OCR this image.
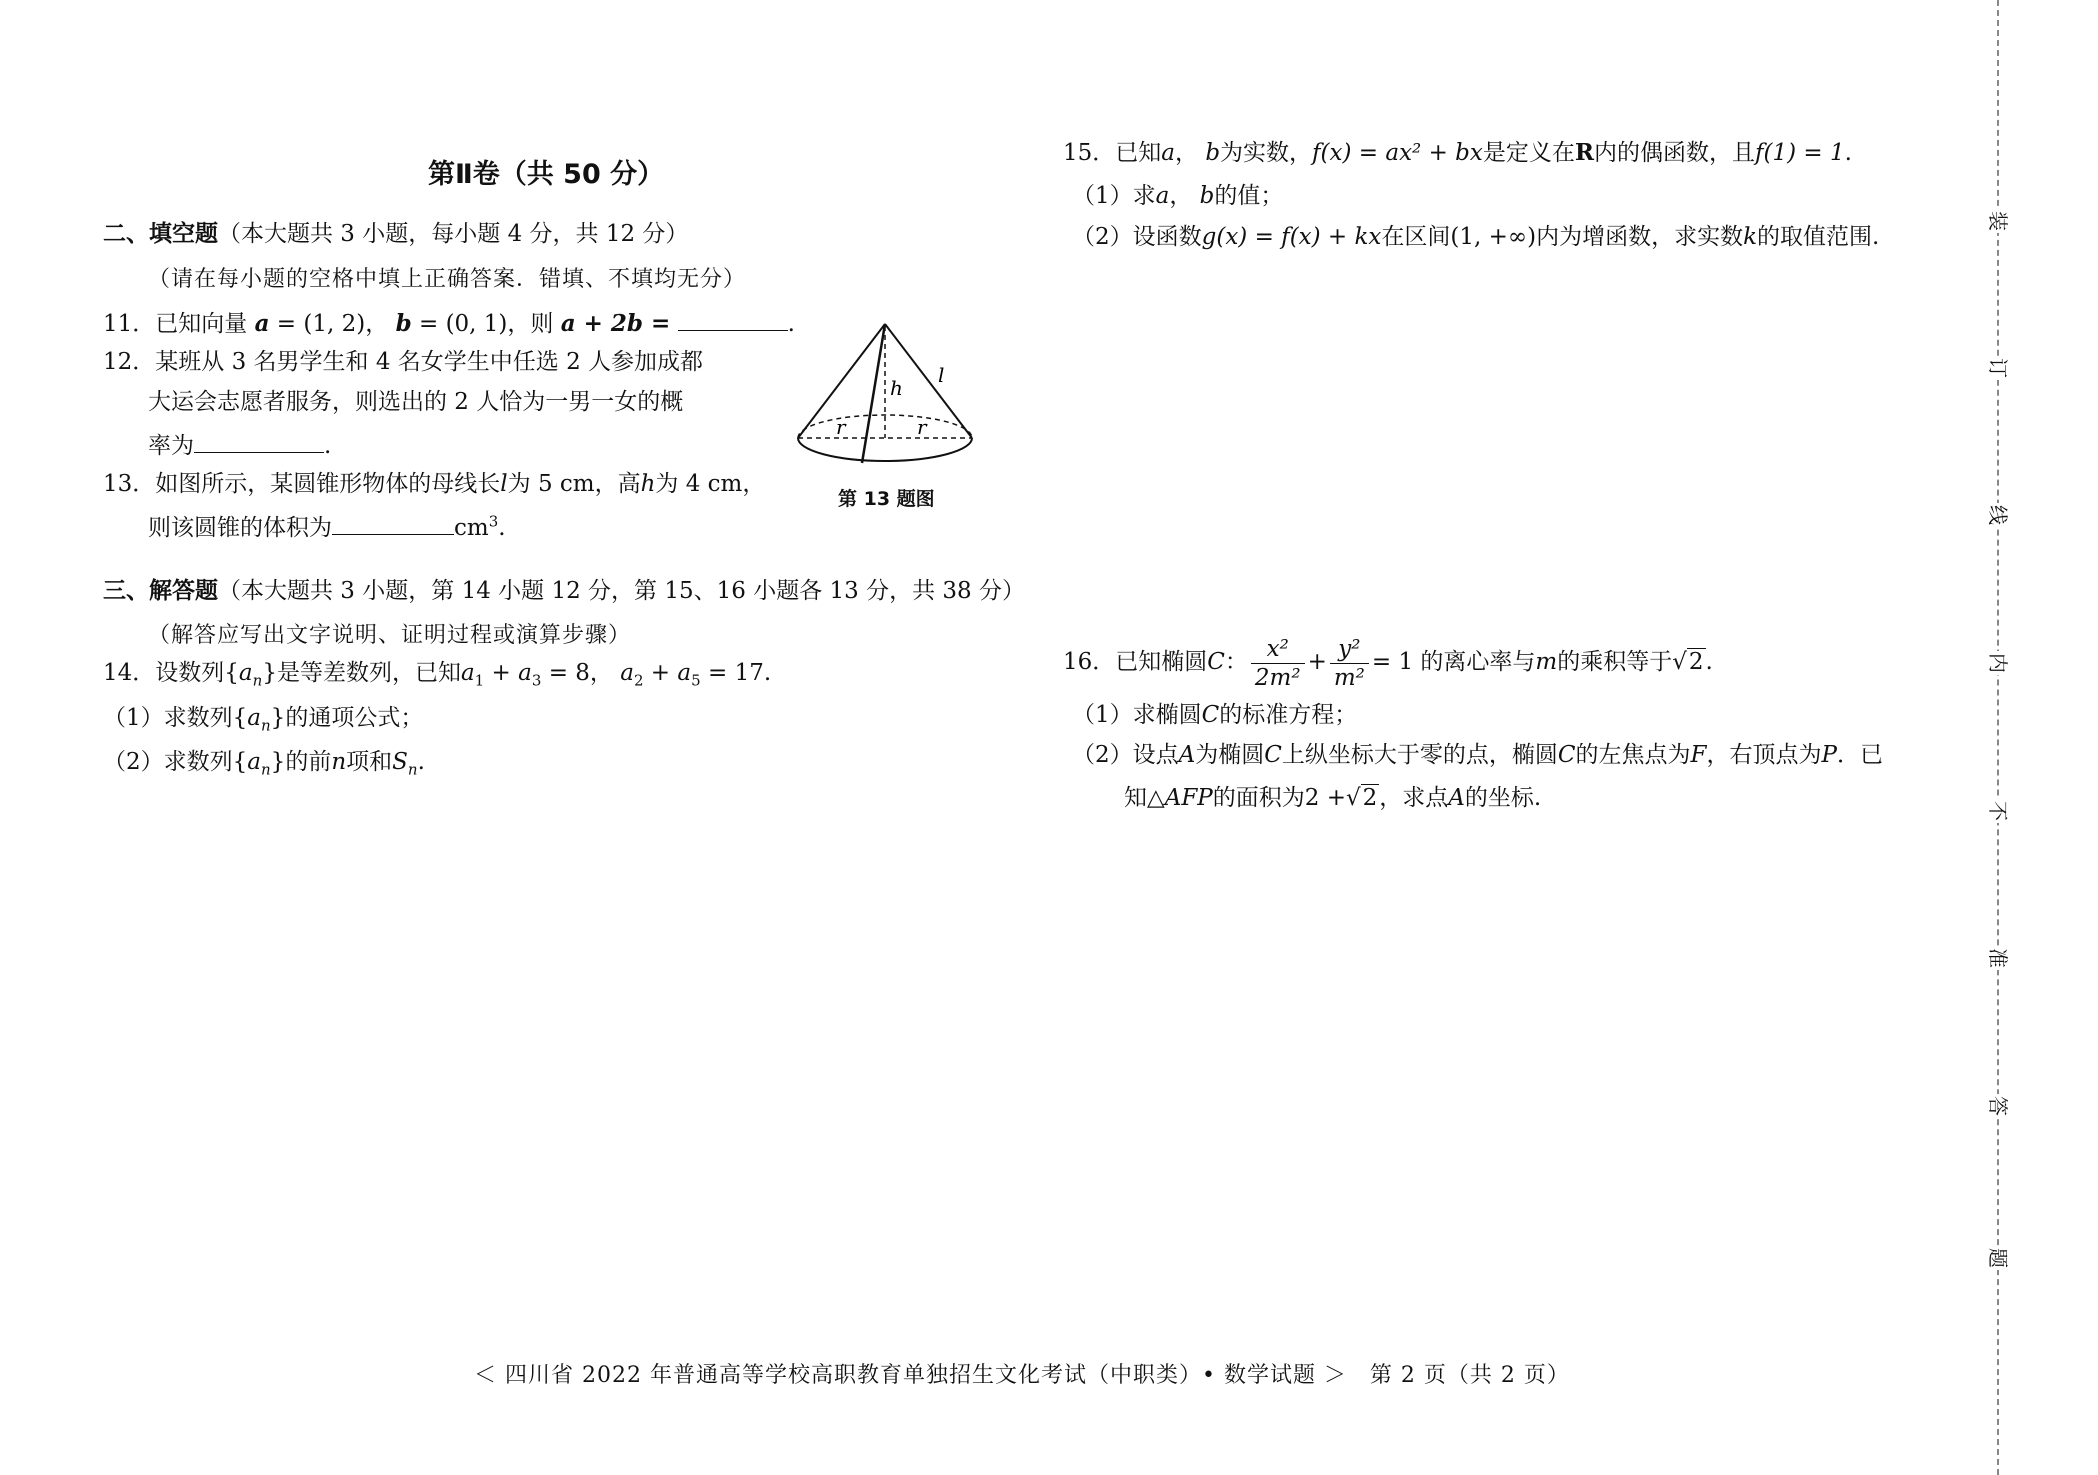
第Ⅱ卷（共 50 分）
二、填空题（本大题共 3 小题，每小题 4 分，共 12 分）
（请在每小题的空格中填上正确答案．错填、不填均无分）
11．已知向量 a = (1, 2)， b = (0, 1)，则 a + 2b =	.
12．某班从 3 名男学生和 4 名女学生中任选 2 人参加成都
大运会志愿者服务，则选出的 2 人恰为一男一女的概
率为	.
13．如图所示，某圆锥形物体的母线长l为 5 cm，高h为 4 cm，
则该圆锥的体积为	$cm^3$.
h
l
r	r
第 13 题图
三、解答题（本大题共 3 小题，第 14 小题 12 分，第 15、16 小题各 13 分，共 38 分）
（解答应写出文字说明、证明过程或演算步骤）
14．设数列$\{a_n\}$是等差数列，已知$a_1 + a_3 = 8$， $a_2 + a_5 = 17$.
（1）求数列$\{a_n\}$的通项公式；
（2）求数列$\{a_n\}$的前n项和$S_n$.
15．已知a， b为实数，f(x) = ax² + bx是定义在R内的偶函数，且f(1) = 1.
（1）求a， b的值；
（2）设函数g(x) = f(x) + kx在区间(1, +∞)内为增函数，求实数k的取值范围.
16．已知椭圆C： $\frac{\text{x²}}{\text{2m²}} + \frac{\text{y²}}{\text{m²}} = 1$ 的离心率与m的乘积等于√2.
（1）求椭圆C的标准方程；
（2）设点A为椭圆C上纵坐标大于零的点，椭圆C的左焦点为F，右顶点为P．已
知△AFP的面积为2 +√2，求点A的坐标.
装
订
线
内
不
准
答
题
＜ 四川省 2022 年普通高等学校高职教育单独招生文化考试（中职类）• 数学试题 ＞　第 2 页（共 2 页）
